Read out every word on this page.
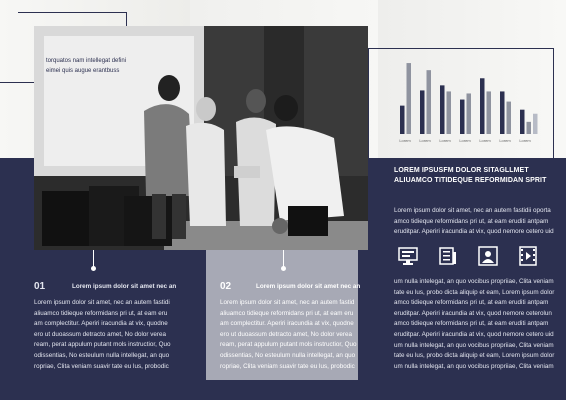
torquatos nam intellegat defini
eimei quis augue erantbuss
Lorem Lorem Lorem Lorem Lorem Lorem Lorem
LOREM IPSUSFM DOLOR SITAGLLMET
ALIUAMCO TITIDEQUE REFORMIDAN SPRIT
Lorem ipsum dolor sit amet, nec an autem fastidii oporta
amco tidieque reformidans pri ut, at eam eruditi antpam
eruditpar. Aperiri iracundia at vix, quod nemore cetero uid
um nulla intelegat, an quo vocibus propriiae, Clita veniam
tate eu lus, probo dicta aliquip et eam, Lorem ipsum dolor
amco tidieque reformidans pri ut, at eam eruditi antpam
eruditpar. Aperiri iracundia at vix, quod nemore ceterolun
amco tidieque reformidans pri ut, at eam eruditi antpam
eruditpar. Aperiri iracundia at vix, quod nemore cetero uid
um nulla intelegat, an quo vocibus propriiae, Clita veniam
tate eu lus, probo dicta aliquip et eam, Lorem ipsum dolor
um nulla intelegat, an quo vocibus propriiae, Clita veniam
01	Lorem ipsum dolor sit amet nec an
Lorem ipsum dolor sit amet, nec an autem fastidi
aliuamco tidieque reformidans pri ut, at eam eru
am complectitur. Aperiri iracundia at vix, quodne
ero ut duoassum detracto amet, No dolor verea
ream, perat appulum putant mols instructior, Quo
odissentias, No esteulum nulla intellegat, an quo
ropriae, Clita veniam suavir tate eu lus, probodic
02	Lorem ipsum dolor sit amet nec an
Lorem ipsum dolor sit amet, nec an autem fastid
aliuamco tidieque reformidans pri ut, at eam eru
am complectitur. Aperiri iracundia at vix, quodne
ero ut duoassum detracto amet, No dolor verea
ream, perat appulum putant mols instructior, Quo
odissentias, No esteulum nulla intellegat, an quo
ropriae, Clita veniam suavir tate eu lus, probodic
